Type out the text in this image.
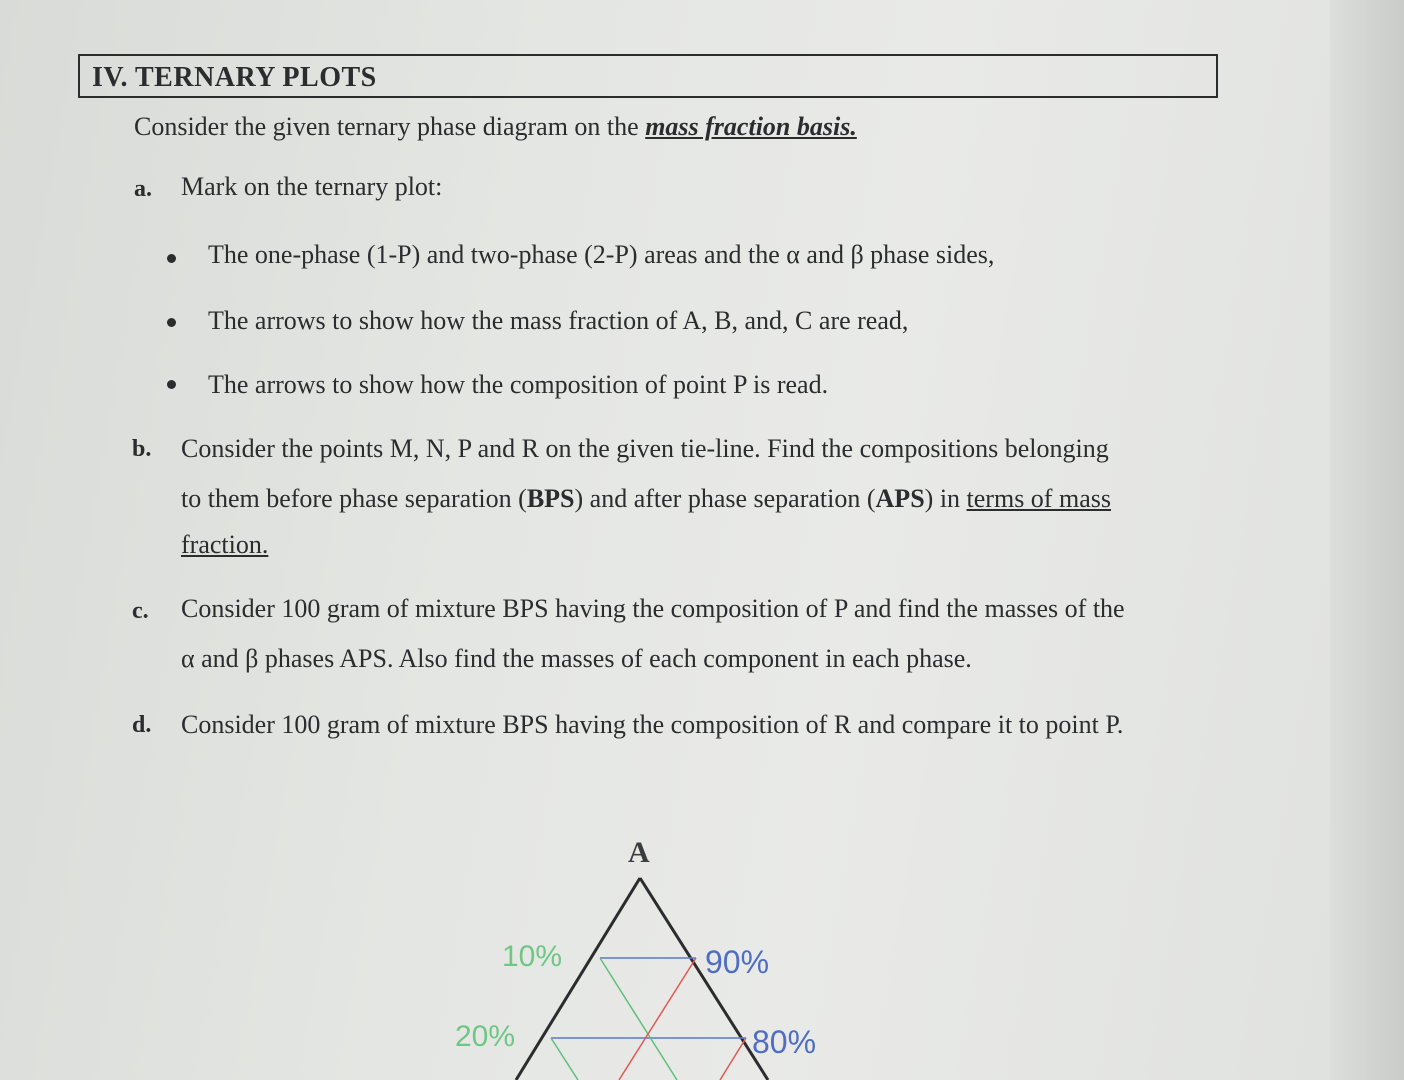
IV. TERNARY PLOTS
Consider the given ternary phase diagram on the mass fraction basis.
a. Mark on the ternary plot:
The one-phase (1-P) and two-phase (2-P) areas and the α and β phase sides,
The arrows to show how the mass fraction of A, B, and, C are read,
The arrows to show how the composition of point P is read.
b. Consider the points M, N, P and R on the given tie-line. Find the compositions belonging
to them before phase separation (BPS) and after phase separation (APS) in terms of mass
fraction.
c. Consider 100 gram of mixture BPS having the composition of P and find the masses of the
α and β phases APS. Also find the masses of each component in each phase.
d. Consider 100 gram of mixture BPS having the composition of R and compare it to point P.
A
10%
20%
90%
80%
